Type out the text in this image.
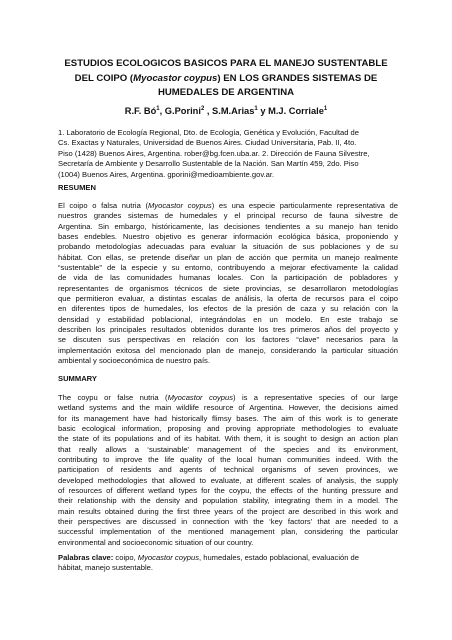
ESTUDIOS ECOLOGICOS BASICOS PARA EL MANEJO SUSTENTABLE
DEL COIPO (Myocastor coypus) EN LOS GRANDES SISTEMAS DE
HUMEDALES DE ARGENTINA
R.F. $Bó^1$, G.Porini$^2$ , S.M.Arias$^1$ y M.J. Corriale$^1$

1. Laboratorio de Ecología Regional, Dto. de Ecología, Genética y Evolución, Facultad de
Cs. Exactas y Naturales, Universidad de Buenos Aires. Ciudad Universitaria, Pab. II, 4to.
Piso (1428) Buenos Aires, Argentina. rober@bg.fcen.uba.ar. 2. Dirección de Fauna Silvestre,
Secretaría de Ambiente y Desarrollo Sustentable de la Nación. San Martín 459, 2do. Piso
(1004) Buenos Aires, Argentina. gporini@medioambiente.gov.ar.

RESUMEN

El coipo o falsa nutria (Myocastor coypus) es una especie particularmente representativa de
nuestros grandes sistemas de humedales y el principal recurso de fauna silvestre de
Argentina. Sin embargo, históricamente, las decisiones tendientes a su manejo han tenido
bases endebles. Nuestro objetivo es generar información ecológica básica, proponiendo y
probando metodologías adecuadas para evaluar la situación de sus poblaciones y de su
hábitat. Con ellas, se pretende diseñar un plan de acción que permita un manejo realmente
“sustentable” de la especie y su entorno, contribuyendo a mejorar efectivamente la calidad
de vida de las comunidades humanas locales. Con la participación de pobladores y
representantes de organismos técnicos de siete provincias, se desarrollaron metodologías
que permitieron evaluar, a distintas escalas de análisis, la oferta de recursos para el coipo
en diferentes tipos de humedales, los efectos de la presión de caza y su relación con la
densidad y estabilidad poblacional, integrándolas en un modelo. En este trabajo se
describen los principales resultados obtenidos durante los tres primeros años del proyecto y
se discuten sus perspectivas en relación con los factores “clave” necesarios para la
implementación exitosa del mencionado plan de manejo, considerando la particular situación
ambiental y socioeconómica de nuestro país.

SUMMARY

The coypu or false nutria (Myocastor coypus) is a representative species of our large
wetland systems and the main wildlife resource of Argentina. However, the decisions aimed
for its management have had historically flimsy bases. The aim of this work is to generate
basic ecological information, proposing and proving appropriate methodologies to evaluate
the state of its populations and of its habitat. With them, it is sought to design an action plan
that really allows a ‘sustainable’ management of the species and its environment,
contributing to improve the life quality of the local human communities indeed. With the
participation of residents and agents of technical organisms of seven provinces, we
developed methodologies that allowed to evaluate, at different scales of analysis, the supply
of resources of different wetland types for the coypu, the effects of the hunting pressure and
their relationship with the density and population stability, integrating them in a model. The
main results obtained during the first three years of the project are described in this work and
their perspectives are discussed in connection with the ‘key factors’ that are needed to a
successful implementation of the mentioned management plan, considering the particular
environmental and socioeconomic situation of our country.

Palabras clave: coipo, Myocastor coypus, humedales, estado poblacional, evaluación de
hábitat, manejo sustentable.
